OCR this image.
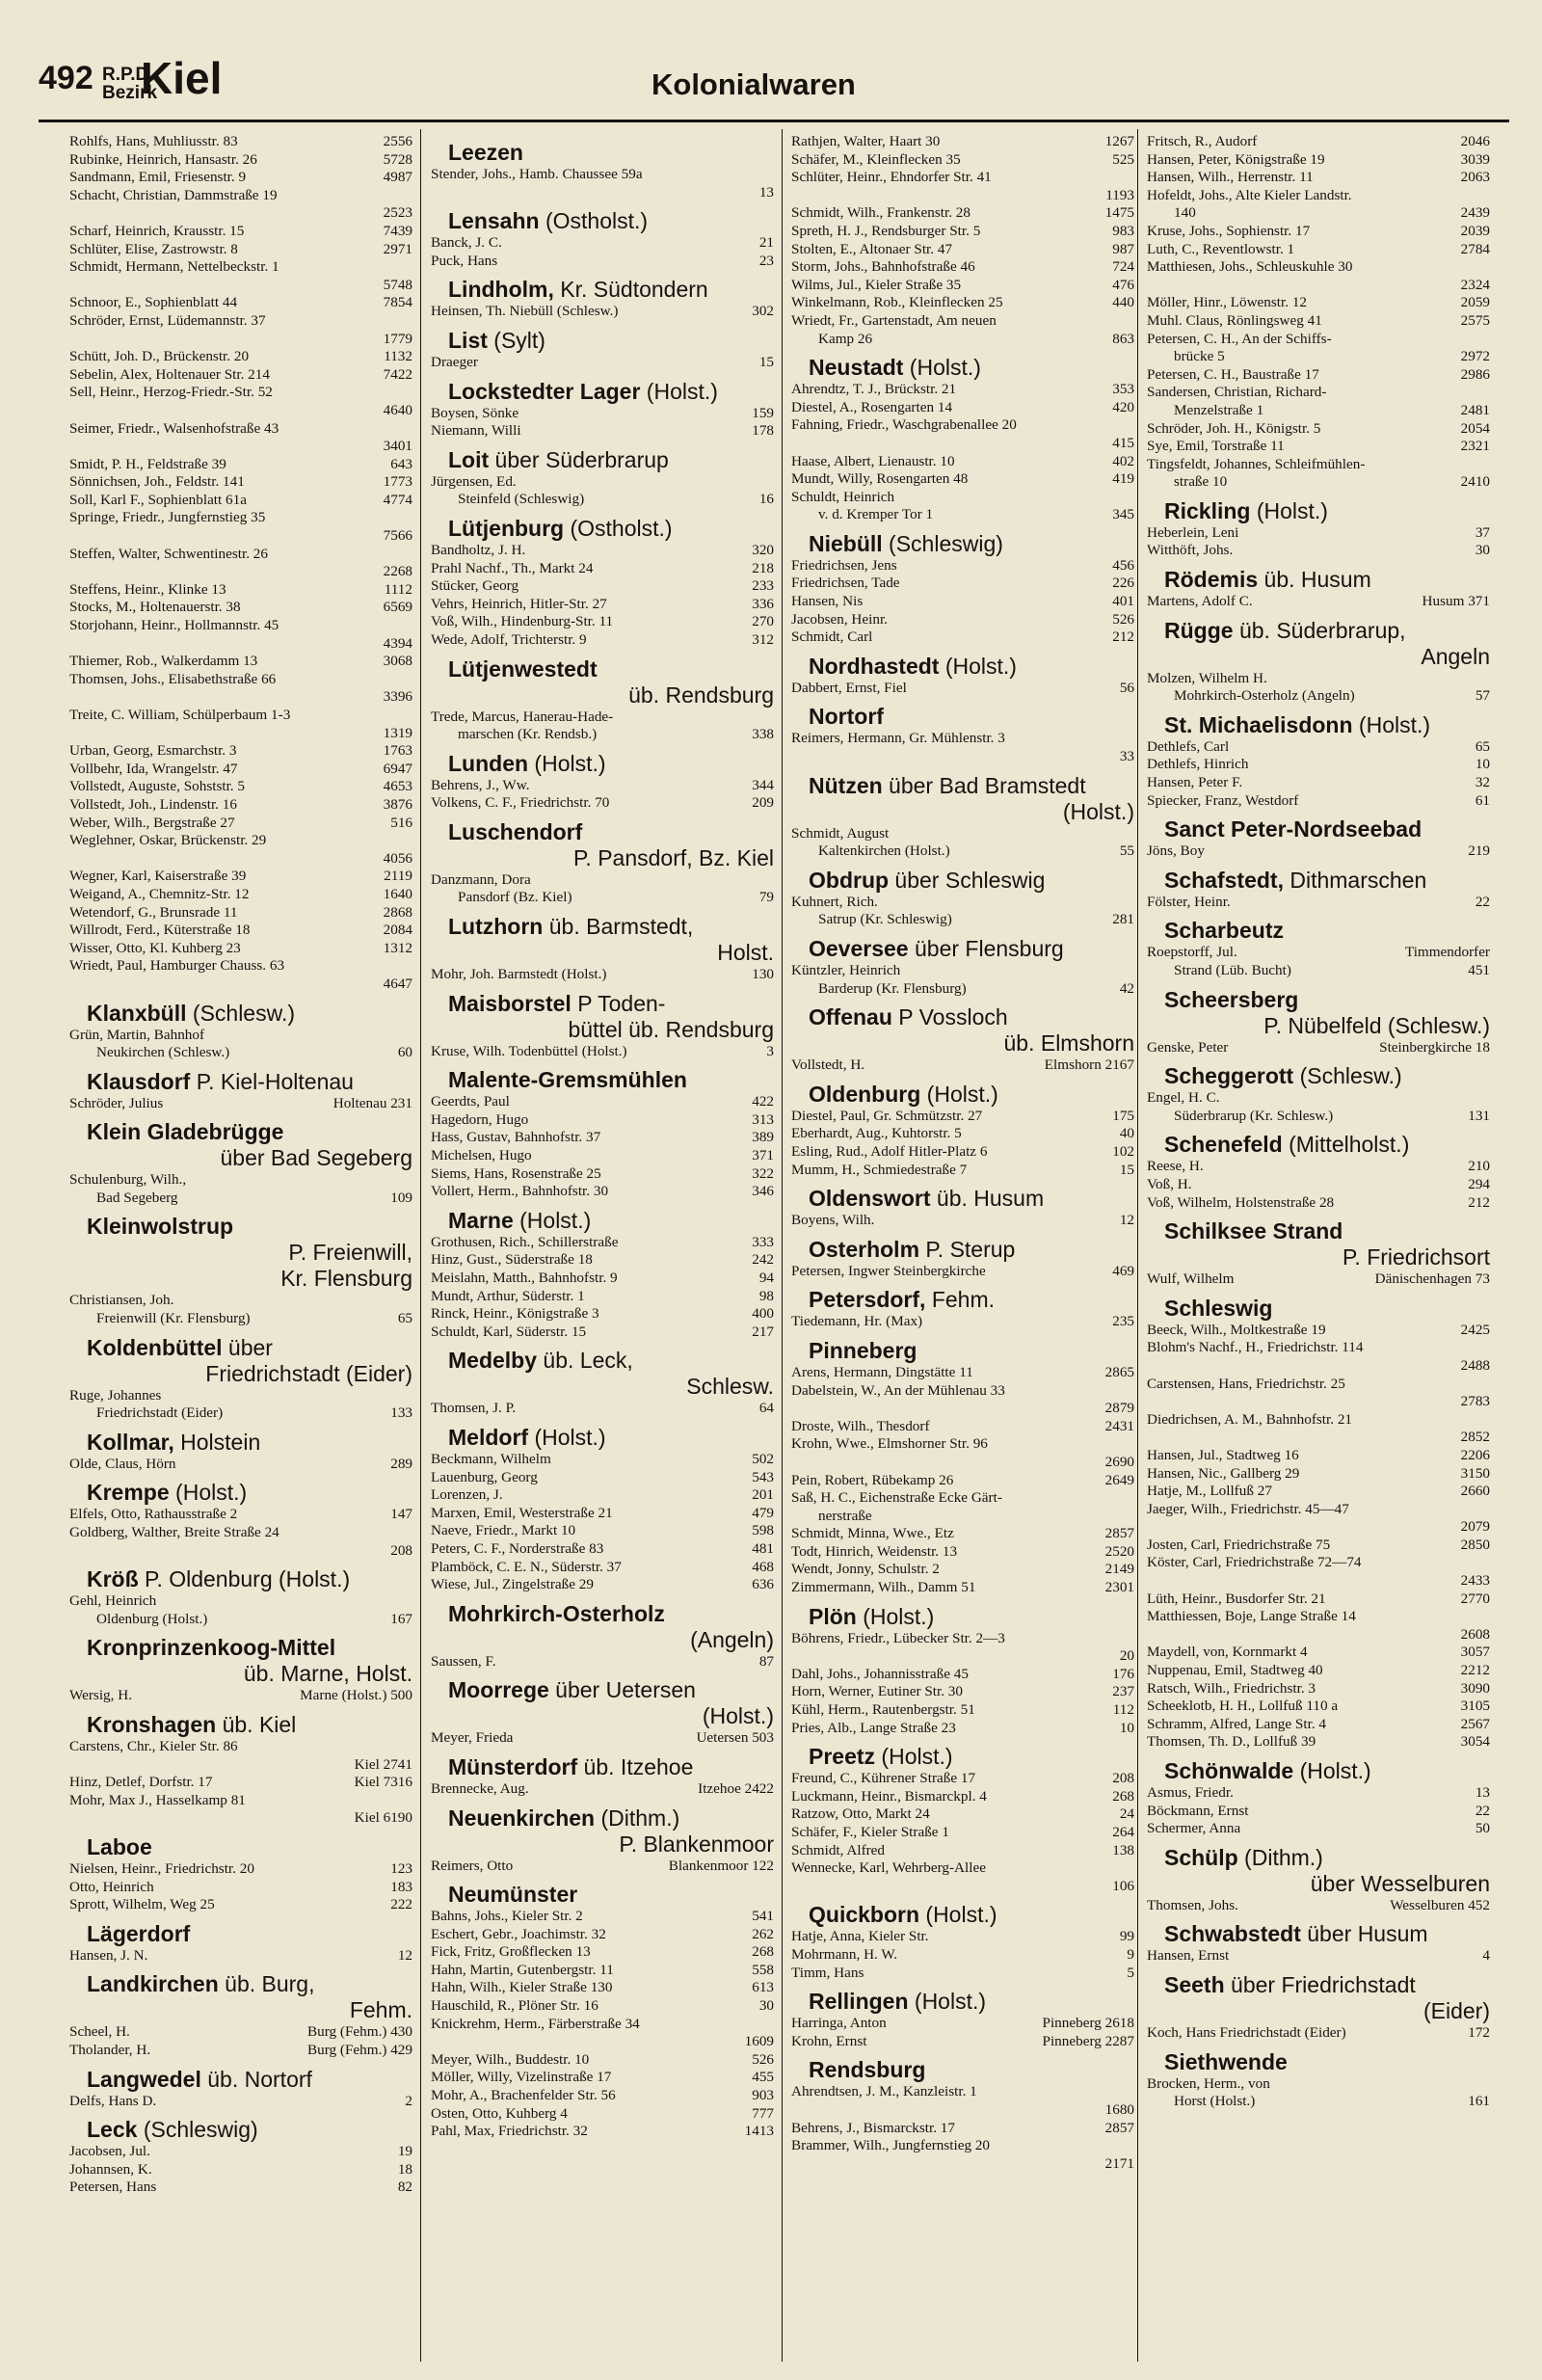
492 R.P.D.
Bezirk
Kiel	Kolonialwaren
Rohlfs, Hans, Muhliusstr. 83	2556
Rubinke, Heinrich, Hansastr. 26	5728
Sandmann, Emil, Friesenstr. 9	4987
Schacht, Christian, Dammstraße 19
2523
Scharf, Heinrich, Krausstr. 15	7439
Schlüter, Elise, Zastrowstr. 8	2971
Schmidt, Hermann, Nettelbeckstr. 1
5748
Schnoor, E., Sophienblatt 44	7854
Schröder, Ernst, Lüdemannstr. 37
1779
Schütt, Joh. D., Brückenstr. 20	1132
Sebelin, Alex, Holtenauer Str. 214	7422
Sell, Heinr., Herzog-Friedr.-Str. 52
4640
Seimer, Friedr., Walsenhofstraße 43
3401
Smidt, P. H., Feldstraße 39	643
Sönnichsen, Joh., Feldstr. 141	1773
Soll, Karl F., Sophienblatt 61a	4774
Springe, Friedr., Jungfernstieg 35
7566
Steffen, Walter, Schwentinestr. 26
2268
Steffens, Heinr., Klinke 13	1112
Stocks, M., Holtenauerstr. 38	6569
Storjohann, Heinr., Hollmannstr. 45
4394
Thiemer, Rob., Walkerdamm 13	3068
Thomsen, Johs., Elisabethstraße 66
3396
Treite, C. William, Schülperbaum 1-3
1319
Urban, Georg, Esmarchstr. 3	1763
Vollbehr, Ida, Wrangelstr. 47	6947
Vollstedt, Auguste, Sohststr. 5	4653
Vollstedt, Joh., Lindenstr. 16	3876
Weber, Wilh., Bergstraße 27	516
Weglehner, Oskar, Brückenstr. 29
4056
Wegner, Karl, Kaiserstraße 39	2119
Weigand, A., Chemnitz-Str. 12	1640
Wetendorf, G., Brunsrade 11	2868
Willrodt, Ferd., Küterstraße 18	2084
Wisser, Otto, Kl. Kuhberg 23	1312
Wriedt, Paul, Hamburger Chauss. 63
4647
Klanxbüll (Schlesw.)
Grün, Martin, Bahnhof
Neukirchen (Schlesw.)	60
Klausdorf P. Kiel-Holtenau
Schröder, Julius	Holtenau 231
Klein Gladebrügge
über Bad Segeberg
Schulenburg, Wilh.,
Bad Segeberg	109
Kleinwolstrup
P. Freienwill,
Kr. Flensburg
Christiansen, Joh.
Freienwill (Kr. Flensburg)	65
Koldenbüttel über
Friedrichstadt (Eider)
Ruge, Johannes
Friedrichstadt (Eider)	133
Kollmar, Holstein
Olde, Claus, Hörn	289
Krempe (Holst.)
Elfels, Otto, Rathausstraße 2	147
Goldberg, Walther, Breite Straße 24
208
Kröß P. Oldenburg (Holst.)
Gehl, Heinrich
Oldenburg (Holst.)	167
Kronprinzenkoog-Mittel
üb. Marne, Holst.
Wersig, H.	Marne (Holst.) 500
Kronshagen üb. Kiel
Carstens, Chr., Kieler Str. 86
Kiel 2741
Hinz, Detlef, Dorfstr. 17	Kiel 7316
Mohr, Max J., Hasselkamp 81
Kiel 6190
Laboe
Nielsen, Heinr., Friedrichstr. 20	123
Otto, Heinrich	183
Sprott, Wilhelm, Weg 25	222
Lägerdorf
Hansen, J. N.	12
Landkirchen üb. Burg,
Fehm.
Scheel, H.	Burg (Fehm.) 430
Tholander, H.	Burg (Fehm.) 429
Langwedel üb. Nortorf
Delfs, Hans D.	2
Leck (Schleswig)
Jacobsen, Jul.	19
Johannsen, K.	18
Petersen, Hans	82
Leezen
Stender, Johs., Hamb. Chaussee 59a
13
Lensahn (Ostholst.)
Banck, J. C.	21
Puck, Hans	23
Lindholm, Kr. Südtondern
Heinsen, Th. Niebüll (Schlesw.)	302
List (Sylt)
Draeger	15
Lockstedter Lager (Holst.)
Boysen, Sönke	159
Niemann, Willi	178
Loit über Süderbrarup
Jürgensen, Ed.
Steinfeld (Schleswig)	16
Lütjenburg (Ostholst.)
Bandholtz, J. H.	320
Prahl Nachf., Th., Markt 24	218
Stücker, Georg	233
Vehrs, Heinrich, Hitler-Str. 27	336
Voß, Wilh., Hindenburg-Str. 11	270
Wede, Adolf, Trichterstr. 9	312
Lütjenwestedt
üb. Rendsburg
Trede, Marcus, Hanerau-Hade-
marschen (Kr. Rendsb.)	338
Lunden (Holst.)
Behrens, J., Ww.	344
Volkens, C. F., Friedrichstr. 70	209
Luschendorf
P. Pansdorf, Bz. Kiel
Danzmann, Dora
Pansdorf (Bz. Kiel)	79
Lutzhorn üb. Barmstedt,
Holst.
Mohr, Joh. Barmstedt (Holst.)	130
Maisborstel P Toden-
büttel üb. Rendsburg
Kruse, Wilh. Todenbüttel (Holst.)	3
Malente-Gremsmühlen
Geerdts, Paul	422
Hagedorn, Hugo	313
Hass, Gustav, Bahnhofstr. 37	389
Michelsen, Hugo	371
Siems, Hans, Rosenstraße 25	322
Vollert, Herm., Bahnhofstr. 30	346
Marne (Holst.)
Grothusen, Rich., Schillerstraße	333
Hinz, Gust., Süderstraße 18	242
Meislahn, Matth., Bahnhofstr. 9	94
Mundt, Arthur, Süderstr. 1	98
Rinck, Heinr., Königstraße 3	400
Schuldt, Karl, Süderstr. 15	217
Medelby üb. Leck,
Schlesw.
Thomsen, J. P.	64
Meldorf (Holst.)
Beckmann, Wilhelm	502
Lauenburg, Georg	543
Lorenzen, J.	201
Marxen, Emil, Westerstraße 21	479
Naeve, Friedr., Markt 10	598
Peters, C. F., Norderstraße 83	481
Plamböck, C. E. N., Süderstr. 37	468
Wiese, Jul., Zingelstraße 29	636
Mohrkirch-Osterholz
(Angeln)
Saussen, F.	87
Moorrege über Uetersen
(Holst.)
Meyer, Frieda	Uetersen 503
Münsterdorf üb. Itzehoe
Brennecke, Aug.	Itzehoe 2422
Neuenkirchen (Dithm.)
P. Blankenmoor
Reimers, Otto	Blankenmoor 122
Neumünster
Bahns, Johs., Kieler Str. 2	541
Eschert, Gebr., Joachimstr. 32	262
Fick, Fritz, Großflecken 13	268
Hahn, Martin, Gutenbergstr. 11	558
Hahn, Wilh., Kieler Straße 130	613
Hauschild, R., Plöner Str. 16	30
Knickrehm, Herm., Färberstraße 34
1609
Meyer, Wilh., Buddestr. 10	526
Möller, Willy, Vizelinstraße 17	455
Mohr, A., Brachenfelder Str. 56	903
Osten, Otto, Kuhberg 4	777
Pahl, Max, Friedrichstr. 32	1413
Rathjen, Walter, Haart 30	1267
Schäfer, M., Kleinflecken 35	525
Schlüter, Heinr., Ehndorfer Str. 41
1193
Schmidt, Wilh., Frankenstr. 28	1475
Spreth, H. J., Rendsburger Str. 5	983
Stolten, E., Altonaer Str. 47	987
Storm, Johs., Bahnhofstraße 46	724
Wilms, Jul., Kieler Straße 35	476
Winkelmann, Rob., Kleinflecken 25	440
Wriedt, Fr., Gartenstadt, Am neuen
Kamp 26	863
Neustadt (Holst.)
Ahrendtz, T. J., Brückstr. 21	353
Diestel, A., Rosengarten 14	420
Fahning, Friedr., Waschgrabenallee 20
415
Haase, Albert, Lienaustr. 10	402
Mundt, Willy, Rosengarten 48	419
Schuldt, Heinrich
v. d. Kremper Tor 1	345
Niebüll (Schleswig)
Friedrichsen, Jens	456
Friedrichsen, Tade	226
Hansen, Nis	401
Jacobsen, Heinr.	526
Schmidt, Carl	212
Nordhastedt (Holst.)
Dabbert, Ernst, Fiel	56
Nortorf
Reimers, Hermann, Gr. Mühlenstr. 3
33
Nützen über Bad Bramstedt
(Holst.)
Schmidt, August
Kaltenkirchen (Holst.)	55
Obdrup über Schleswig
Kuhnert, Rich.
Satrup (Kr. Schleswig)	281
Oeversee über Flensburg
Küntzler, Heinrich
Barderup (Kr. Flensburg)	42
Offenau P Vossloch
üb. Elmshorn
Vollstedt, H.	Elmshorn 2167
Oldenburg (Holst.)
Diestel, Paul, Gr. Schmützstr. 27	175
Eberhardt, Aug., Kuhtorstr. 5	40
Esling, Rud., Adolf Hitler-Platz 6	102
Mumm, H., Schmiedestraße 7	15
Oldenswort üb. Husum
Boyens, Wilh.	12
Osterholm P. Sterup
Petersen, Ingwer Steinbergkirche	469
Petersdorf, Fehm.
Tiedemann, Hr. (Max)	235
Pinneberg
Arens, Hermann, Dingstätte 11	2865
Dabelstein, W., An der Mühlenau 33
2879
Droste, Wilh., Thesdorf	2431
Krohn, Wwe., Elmshorner Str. 96
2690
Pein, Robert, Rübekamp 26	2649
Saß, H. C., Eichenstraße Ecke Gärt-
nerstraße
Schmidt, Minna, Wwe., Etz	2857
Todt, Hinrich, Weidenstr. 13	2520
Wendt, Jonny, Schulstr. 2	2149
Zimmermann, Wilh., Damm 51	2301
Plön (Holst.)
Böhrens, Friedr., Lübecker Str. 2—3
20
Dahl, Johs., Johannisstraße 45	176
Horn, Werner, Eutiner Str. 30	237
Kühl, Herm., Rautenbergstr. 51	112
Pries, Alb., Lange Straße 23	10
Preetz (Holst.)
Freund, C., Kührener Straße 17	208
Luckmann, Heinr., Bismarckpl. 4	268
Ratzow, Otto, Markt 24	24
Schäfer, F., Kieler Straße 1	264
Schmidt, Alfred	138
Wennecke, Karl, Wehrberg-Allee
106
Quickborn (Holst.)
Hatje, Anna, Kieler Str.	99
Mohrmann, H. W.	9
Timm, Hans	5
Rellingen (Holst.)
Harringa, Anton	Pinneberg 2618
Krohn, Ernst	Pinneberg 2287
Rendsburg
Ahrendtsen, J. M., Kanzleistr. 1
1680
Behrens, J., Bismarckstr. 17	2857
Brammer, Wilh., Jungfernstieg 20
2171
Fritsch, R., Audorf	2046
Hansen, Peter, Königstraße 19	3039
Hansen, Wilh., Herrenstr. 11	2063
Hofeldt, Johs., Alte Kieler Landstr.
140	2439
Kruse, Johs., Sophienstr. 17	2039
Luth, C., Reventlowstr. 1	2784
Matthiesen, Johs., Schleuskuhle 30
2324
Möller, Hinr., Löwenstr. 12	2059
Muhl. Claus, Rönlingsweg 41	2575
Petersen, C. H., An der Schiffs-
brücke 5	2972
Petersen, C. H., Baustraße 17	2986
Sandersen, Christian, Richard-
Menzelstraße 1	2481
Schröder, Joh. H., Königstr. 5	2054
Sye, Emil, Torstraße 11	2321
Tingsfeldt, Johannes, Schleifmühlen-
straße 10	2410
Rickling (Holst.)
Heberlein, Leni	37
Witthöft, Johs.	30
Rödemis üb. Husum
Martens, Adolf C.	Husum 371
Rügge üb. Süderbrarup,
Angeln
Molzen, Wilhelm H.
Mohrkirch-Osterholz (Angeln)	57
St. Michaelisdonn (Holst.)
Dethlefs, Carl	65
Dethlefs, Hinrich	10
Hansen, Peter F.	32
Spiecker, Franz, Westdorf	61
Sanct Peter-Nordseebad
Jöns, Boy	219
Schafstedt, Dithmarschen
Fölster, Heinr.	22
Scharbeutz
Roepstorff, Jul.	Timmendorfer
Strand (Lüb. Bucht)	451
Scheersberg
P. Nübelfeld (Schlesw.)
Genske, Peter	Steinbergkirche 18
Scheggerott (Schlesw.)
Engel, H. C.
Süderbrarup (Kr. Schlesw.)	131
Schenefeld (Mittelholst.)
Reese, H.	210
Voß, H.	294
Voß, Wilhelm, Holstenstraße 28	212
Schilksee Strand
P. Friedrichsort
Wulf, Wilhelm	Dänischenhagen 73
Schleswig
Beeck, Wilh., Moltkestraße 19	2425
Blohm's Nachf., H., Friedrichstr. 114
2488
Carstensen, Hans, Friedrichstr. 25
2783
Diedrichsen, A. M., Bahnhofstr. 21
2852
Hansen, Jul., Stadtweg 16	2206
Hansen, Nic., Gallberg 29	3150
Hatje, M., Lollfuß 27	2660
Jaeger, Wilh., Friedrichstr. 45—47
2079
Josten, Carl, Friedrichstraße 75	2850
Köster, Carl, Friedrichstraße 72—74
2433
Lüth, Heinr., Busdorfer Str. 21	2770
Matthiessen, Boje, Lange Straße 14
2608
Maydell, von, Kornmarkt 4	3057
Nuppenau, Emil, Stadtweg 40	2212
Ratsch, Wilh., Friedrichstr. 3	3090
Scheeklotb, H. H., Lollfuß 110 a	3105
Schramm, Alfred, Lange Str. 4	2567
Thomsen, Th. D., Lollfuß 39	3054
Schönwalde (Holst.)
Asmus, Friedr.	13
Böckmann, Ernst	22
Schermer, Anna	50
Schülp (Dithm.)
über Wesselburen
Thomsen, Johs.	Wesselburen 452
Schwabstedt über Husum
Hansen, Ernst	4
Seeth über Friedrichstadt
(Eider)
Koch, Hans Friedrichstadt (Eider)	172
Siethwende
Brocken, Herm., von
Horst (Holst.)	161
